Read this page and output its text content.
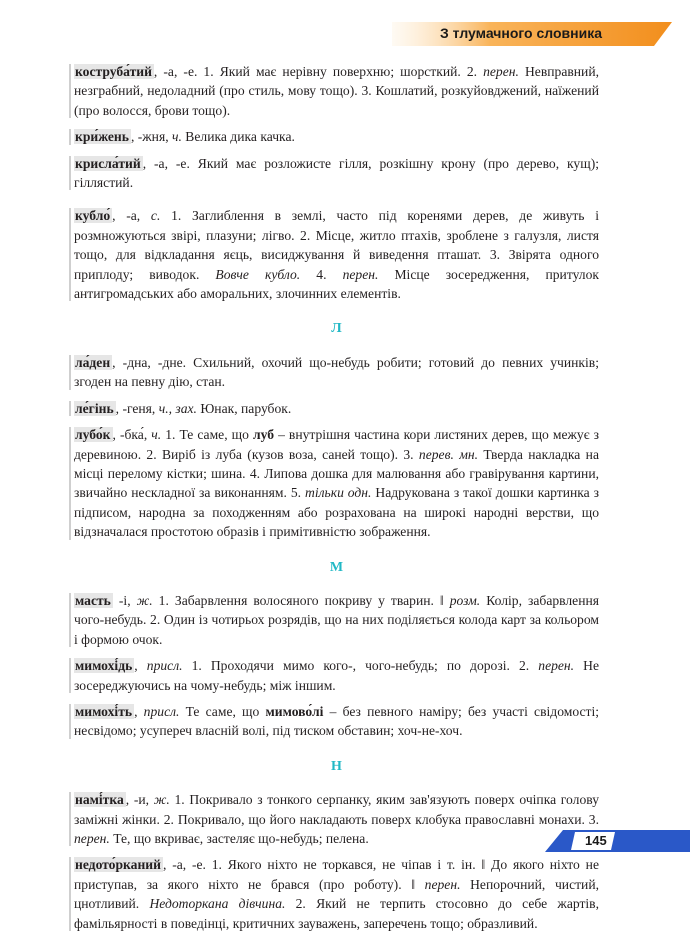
З тлумачного словника

коструба́тий , -а, -е. 1. Який має нерівну поверхню; шорсткий. 2. перен. Невправний, незграбний, недоладний (про стиль, мову тощо). 3. Кошлатий, розкуйовджений, наїжений (про волосся, брови тощо).

кри́жень , -жня, ч. Велика дика качка.

крисла́тий , -а, -е. Який має розложисте гілля, розкішну крону (про дерево, кущ); гіллястий.

кубло́ , -а, с. 1. Заглиблення в землі, часто під коренями дерев, де живуть і розмножуються звірі, плазуни; лігво. 2. Місце, житло птахів, зроблене з галузля, листя тощо, для відкладання яєць, висиджування й виведення пташат. 3. Звірята одного приплоду; виводок. Вовче кубло. 4. перен. Місце зосередження, притулок антигромадських або аморальних, злочинних елементів.

Л

ла́ден , -дна, -дне. Схильний, охочий що-небудь робити; готовий до певних учинків; згоден на певну дію, стан.

ле́гінь , -геня, ч., зах. Юнак, парубок.

лубо́к , -бка́, ч. 1. Те саме, що луб – внутрішня частина кори листяних дерев, що межує з деревиною. 2. Виріб із луба (кузов воза, саней тощо). 3. перев. мн. Тверда накладка на місці перелому кістки; шина. 4. Липова дошка для малювання або гравірування картини, звичайно нескладної за виконанням. 5. тільки одн. Надрукована з такої дошки картинка з підписом, народна за походженням або розрахована на широкі народні верстви, що відзначалася простотою образів і примітивністю зображення.

М

масть -і, ж. 1. Забарвлення волосяного покриву у тварин. ‖ розм. Колір, забарвлення чого-небудь. 2. Один із чотирьох розрядів, що на них поділяється колода карт за кольором і формою очок.

мимохі́дь , присл. 1. Проходячи мимо кого-, чого-небудь; по дорозі. 2. перен. Не зосереджуючись на чому-небудь; між іншим.

мимохі́ть , присл. Те саме, що мимово́лі – без певного наміру; без участі свідомості; несвідомо; усупереч власній волі, під тиском обставин; хоч-не-хоч.

Н

намі́тка , -и, ж. 1. Покривало з тонкого серпанку, яким зав'язують поверх очіпка голову заміжні жінки. 2. Покривало, що його накладають поверх клобука православні монахи. 3. перен. Те, що вкриває, застеляє що-небудь; пелена.

недото́рканий , -а, -е. 1. Якого ніхто не торкався, не чіпав і т. ін. ‖ До якого ніхто не приступав, за якого ніхто не брався (про роботу). ‖ перен. Непорочний, чистий, цнотливий. Недоторкана дівчина. 2. Який не терпить стосовно до себе жартів, фамільярності в поведінці, критичних зауважень, заперечень тощо; образливий.

145
